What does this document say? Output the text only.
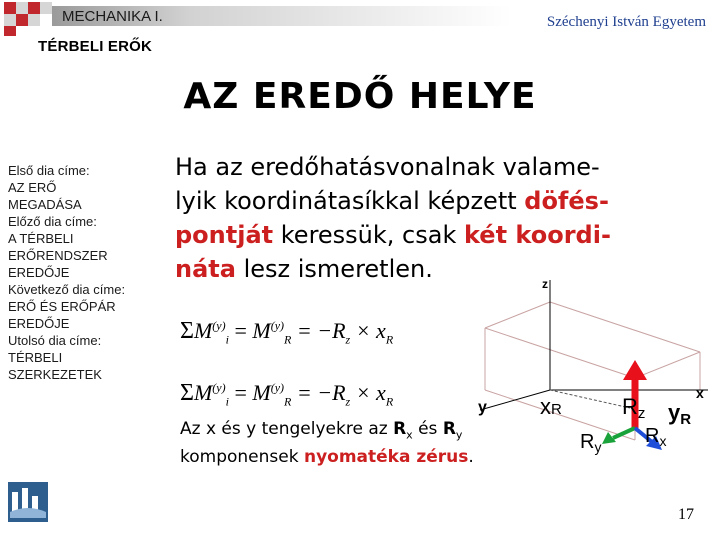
MECHANIKA I.	Széchenyi István Egyetem
TÉRBELI ERŐK
AZ EREDŐ HELYE
Első dia címe:
AZ ERŐ MEGADÁSA
Előző dia címe:
A TÉRBELI ERŐRENDSZER EREDŐJE
Következő dia címe:
ERŐ ÉS ERŐPÁR EREDŐJE
Utolsó dia címe:
TÉRBELI SZERKEZETEK
Ha az eredőhatásvonalnak valame-
lyik koordinátasíkkal képzett döfés-
pontját keressük, csak két koordi-
náta lesz ismeretlen.
$\Sigma M^{(y)}_i = M^{(y)}_R = -R_z \times x_R$
$\Sigma M^{(y)}_i = M^{(y)}_R = -R_z \times x_R$
z
y
x
xR	Rz yR
$R_y$ $R_x$
Az x és y tengelyekre az $R_x$ és $R_y$
komponensek nyomatéka zérus.
17
